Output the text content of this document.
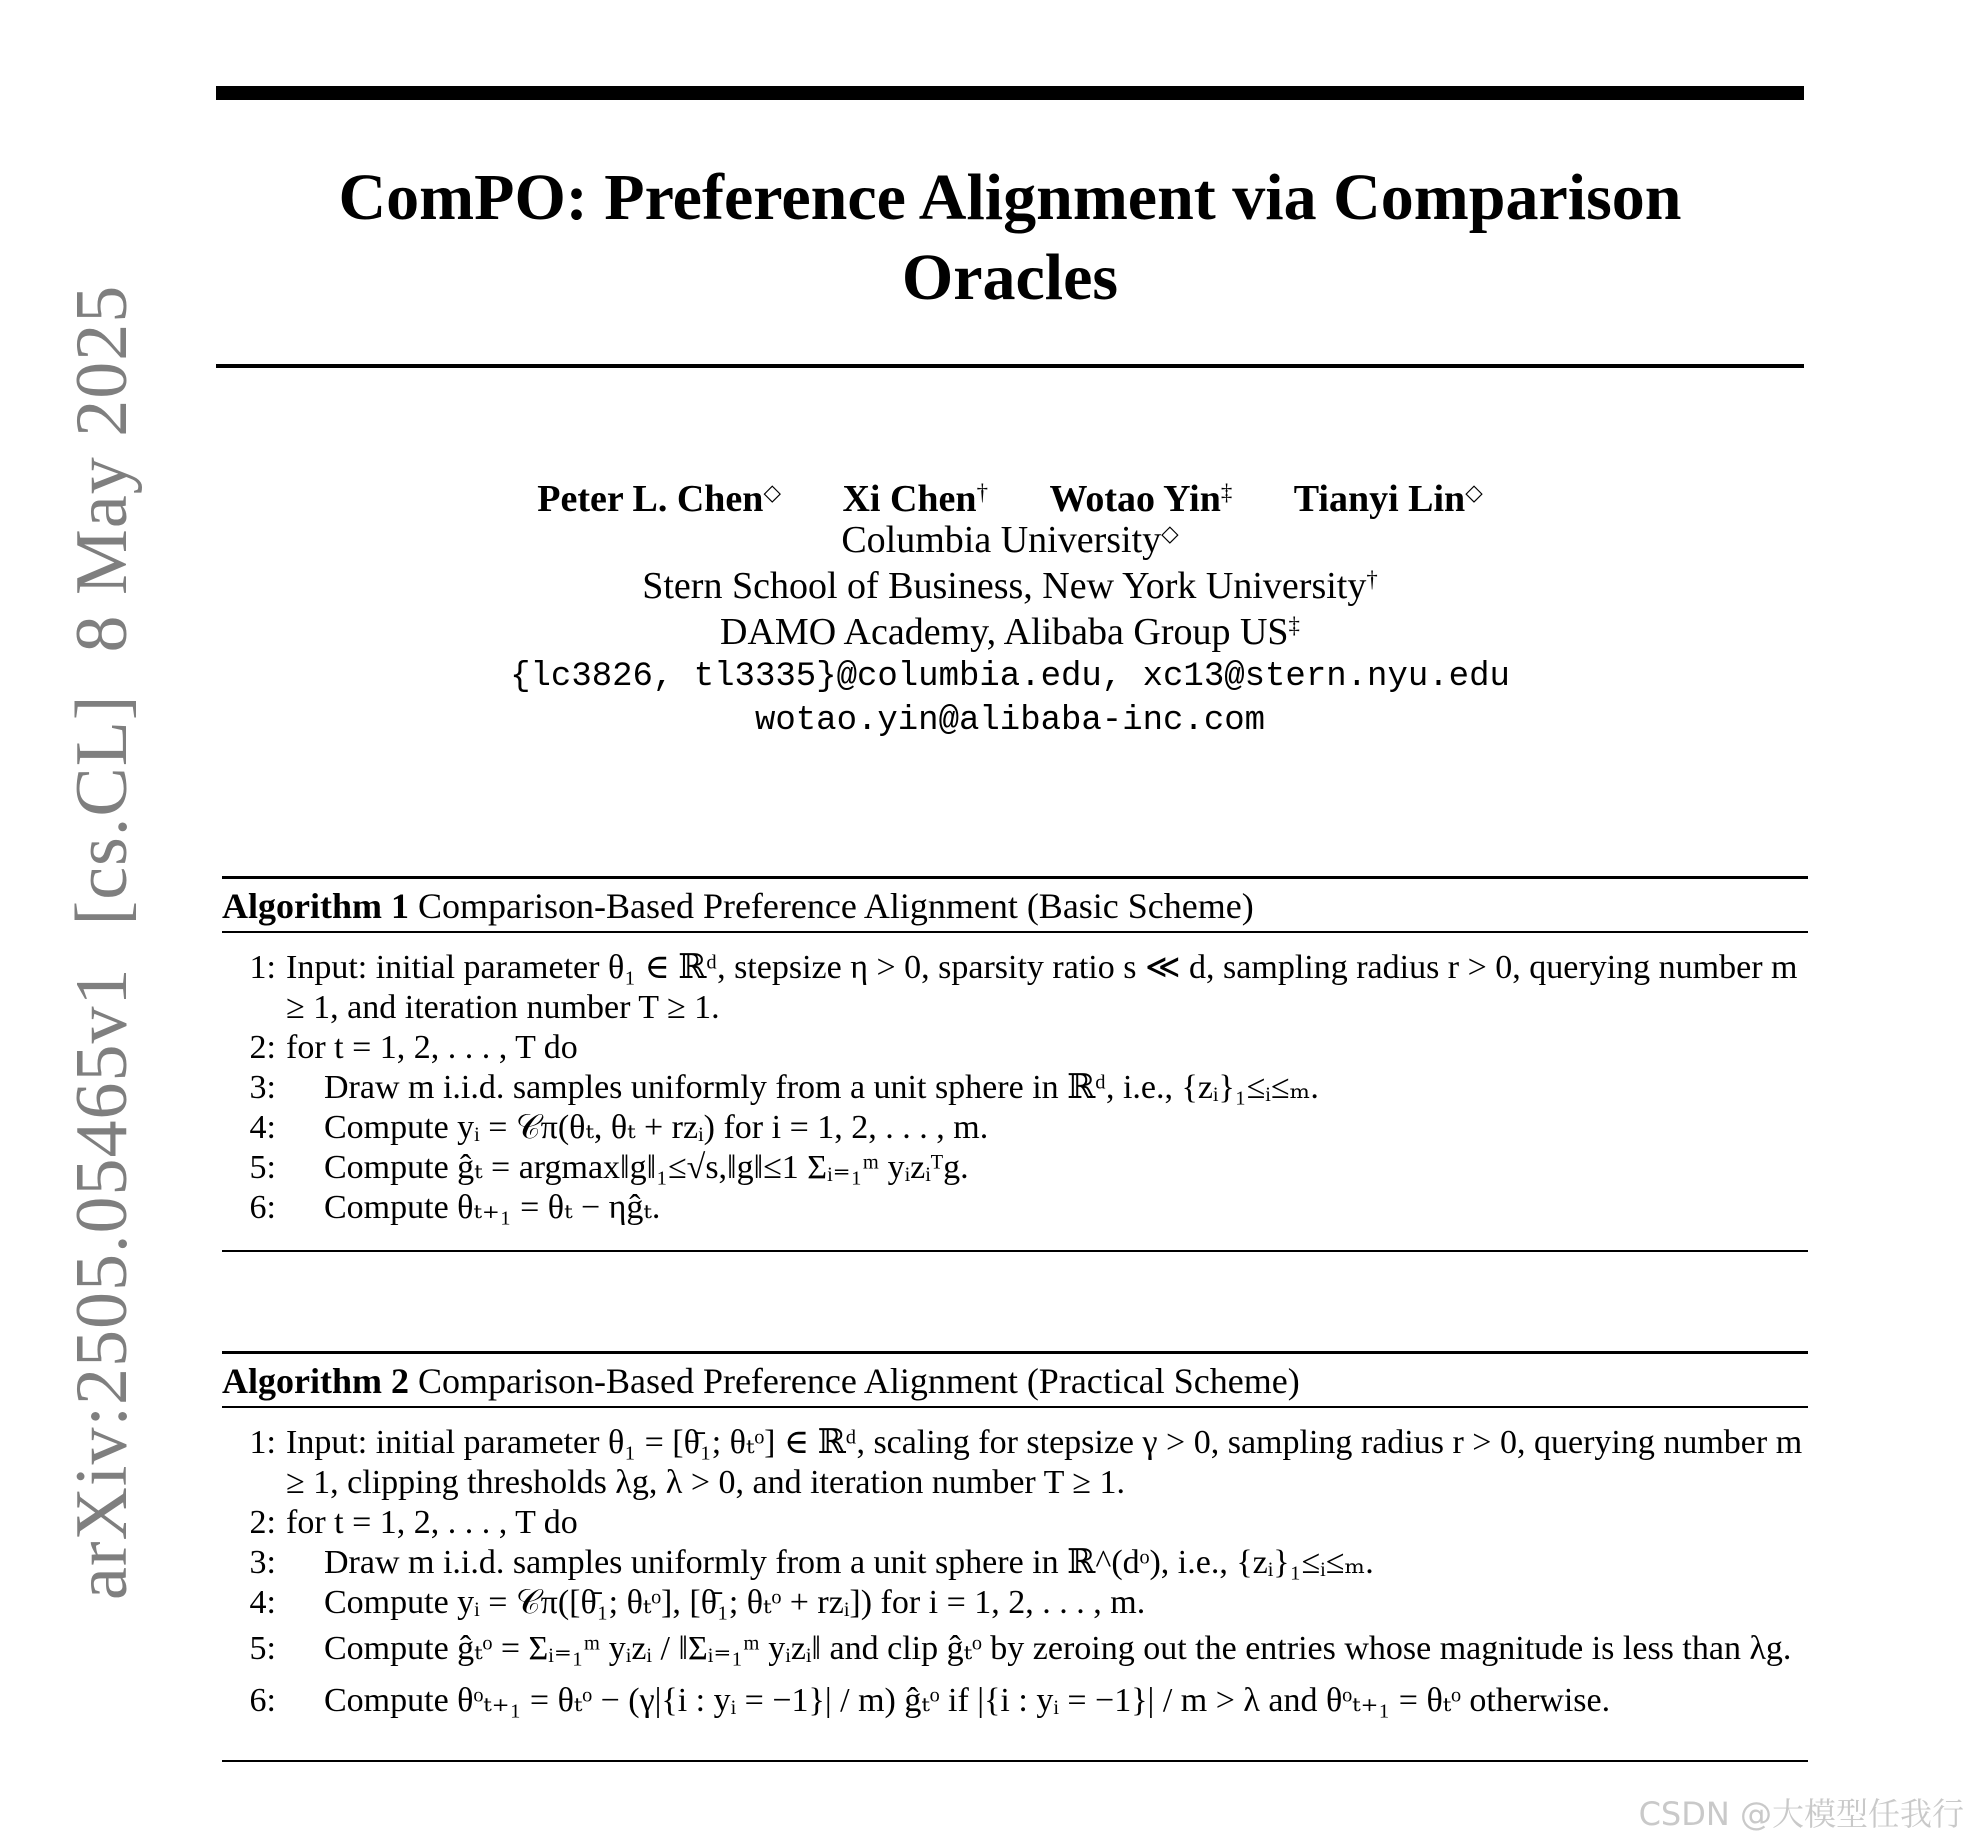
arXiv:2505.05465v1[cs.CL]8 May 2025
ComPO: Preference Alignment via Comparison
Oracles
Peter L. Chen◇ Xi Chen† Wotao Yin‡ Tianyi Lin◇
Columbia University◇
Stern School of Business, New York University†
DAMO Academy, Alibaba Group US‡
{lc3826, tl3335}@columbia.edu, xc13@stern.nyu.edu
wotao.yin@alibaba-inc.com
Algorithm 1 Comparison-Based Preference Alignment (Basic Scheme)
1: Input: initial parameter θ₁ ∈ ℝᵈ, stepsize η > 0, sparsity ratio s ≪ d, sampling radius r > 0, querying number m ≥ 1, and iteration number T ≥ 1.
2: for t = 1, 2, . . . , T do
3:	Draw m i.i.d. samples uniformly from a unit sphere in ℝᵈ, i.e., {zᵢ}₁≤ᵢ≤ₘ.
4:	Compute yᵢ = 𝒞π(θₜ, θₜ + rzᵢ) for i = 1, 2, . . . , m.
5:	Compute ĝₜ = argmax‖g‖₁≤√s,‖g‖≤1 Σᵢ₌₁ᵐ yᵢzᵢᵀg.
6:	Compute θₜ₊₁ = θₜ − ηĝₜ.
Algorithm 2 Comparison-Based Preference Alignment (Practical Scheme)
1: Input: initial parameter θ₁ = [θ̄₁; θₜᵒ] ∈ ℝᵈ, scaling for stepsize γ > 0, sampling radius r > 0, querying number m ≥ 1, clipping thresholds λg, λ > 0, and iteration number T ≥ 1.
2: for t = 1, 2, . . . , T do
3:	Draw m i.i.d. samples uniformly from a unit sphere in ℝ^(dᵒ), i.e., {zᵢ}₁≤ᵢ≤ₘ.
4:	Compute yᵢ = 𝒞π([θ̄₁; θₜᵒ], [θ̄₁; θₜᵒ + rzᵢ]) for i = 1, 2, . . . , m.
5:	Compute ĝₜᵒ = Σᵢ₌₁ᵐ yᵢzᵢ / ‖Σᵢ₌₁ᵐ yᵢzᵢ‖ and clip ĝₜᵒ by zeroing out the entries whose magnitude is less than λg.
6:	Compute θᵒₜ₊₁ = θₜᵒ − (γ|{i : yᵢ = −1}| / m) ĝₜᵒ if |{i : yᵢ = −1}| / m > λ and θᵒₜ₊₁ = θₜᵒ otherwise.
CSDN @大模型任我行
